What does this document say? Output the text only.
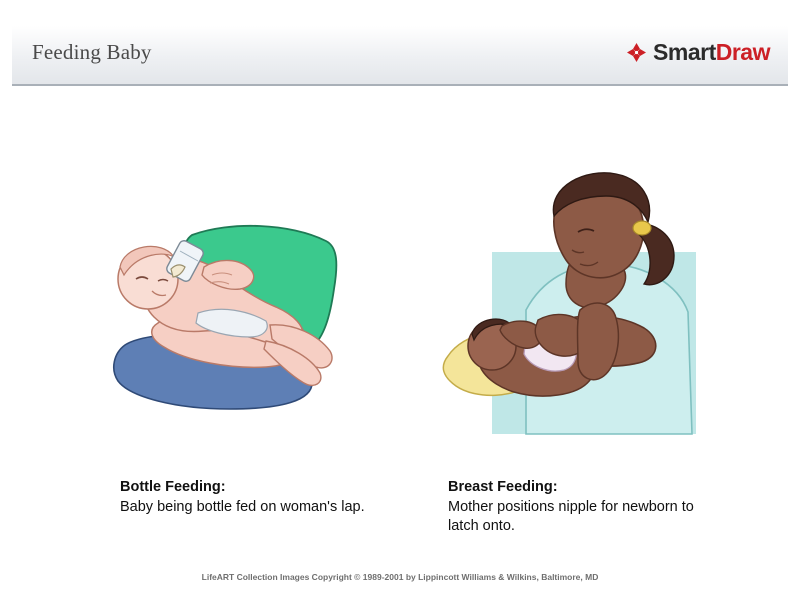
Feeding Baby	SmartDraw
Bottle Feeding:
Baby being bottle fed on woman's lap.
Breast Feeding:
Mother positions nipple for newborn to latch onto.
LifeART Collection Images Copyright © 1989-2001 by Lippincott Williams & Wilkins, Baltimore, MD
